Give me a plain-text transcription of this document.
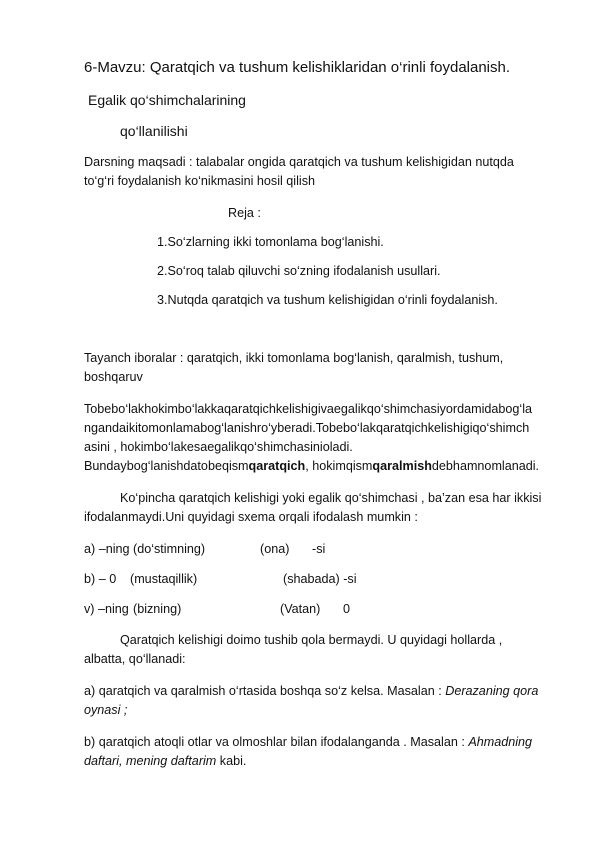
6-Mavzu: Qaratqich va tushum kelishiklaridan o‘rinli foydalanish.
Egalik qo‘shimchalarining
qo‘llanilishi
Darsning maqsadi : talabalar ongida qaratqich va tushum kelishigidan nutqda
to‘g‘ri foydalanish ko‘nikmasini hosil qilish
Reja :
1.So‘zlarning ikki tomonlama bog‘lanishi.
2.So‘roq talab qiluvchi so‘zning ifodalanish usullari.
3.Nutqda qaratqich va tushum kelishigidan o‘rinli foydalanish.
Tayanch iboralar : qaratqich, ikki tomonlama bog‘lanish, qaralmish, tushum,
boshqaruv
Tobebo‘lakhokimbo‘lakkaqaratqichkelishigivaegalikqo‘shimchasiyordamidabog‘la
ngandaikitomonlamabog‘lanishro‘yberadi.Tobebo‘lakqaratqichkelishigiqo‘shimch
asini , hokimbo‘lakesaegalikqo‘shimchasinioladi.
Bundaybog‘lanishdatobeqismqaratqich, hokimqismqaralmishdebhamnomlanadi.
Ko‘pincha qaratqich kelishigi yoki egalik qo‘shimchasi , ba’zan esa har ikkisi
ifodalanmaydi.Uni quyidagi sxema orqali ifodalash mumkin :
a) –ning (do‘stimning)	(ona) -si
b) – 0 (mustaqillik)	(shabada) -si
v) –ning (bizning)	(Vatan) 0
Qaratqich kelishigi doimo tushib qola bermaydi. U quyidagi hollarda ,
albatta, qo‘llanadi:
a) qaratqich va qaralmish o‘rtasida boshqa so‘z kelsa. Masalan : Derazaning qora
oynasi ;
b) qaratqich atoqli otlar va olmoshlar bilan ifodalanganda . Masalan : Ahmadning
daftari, mening daftarim kabi.
